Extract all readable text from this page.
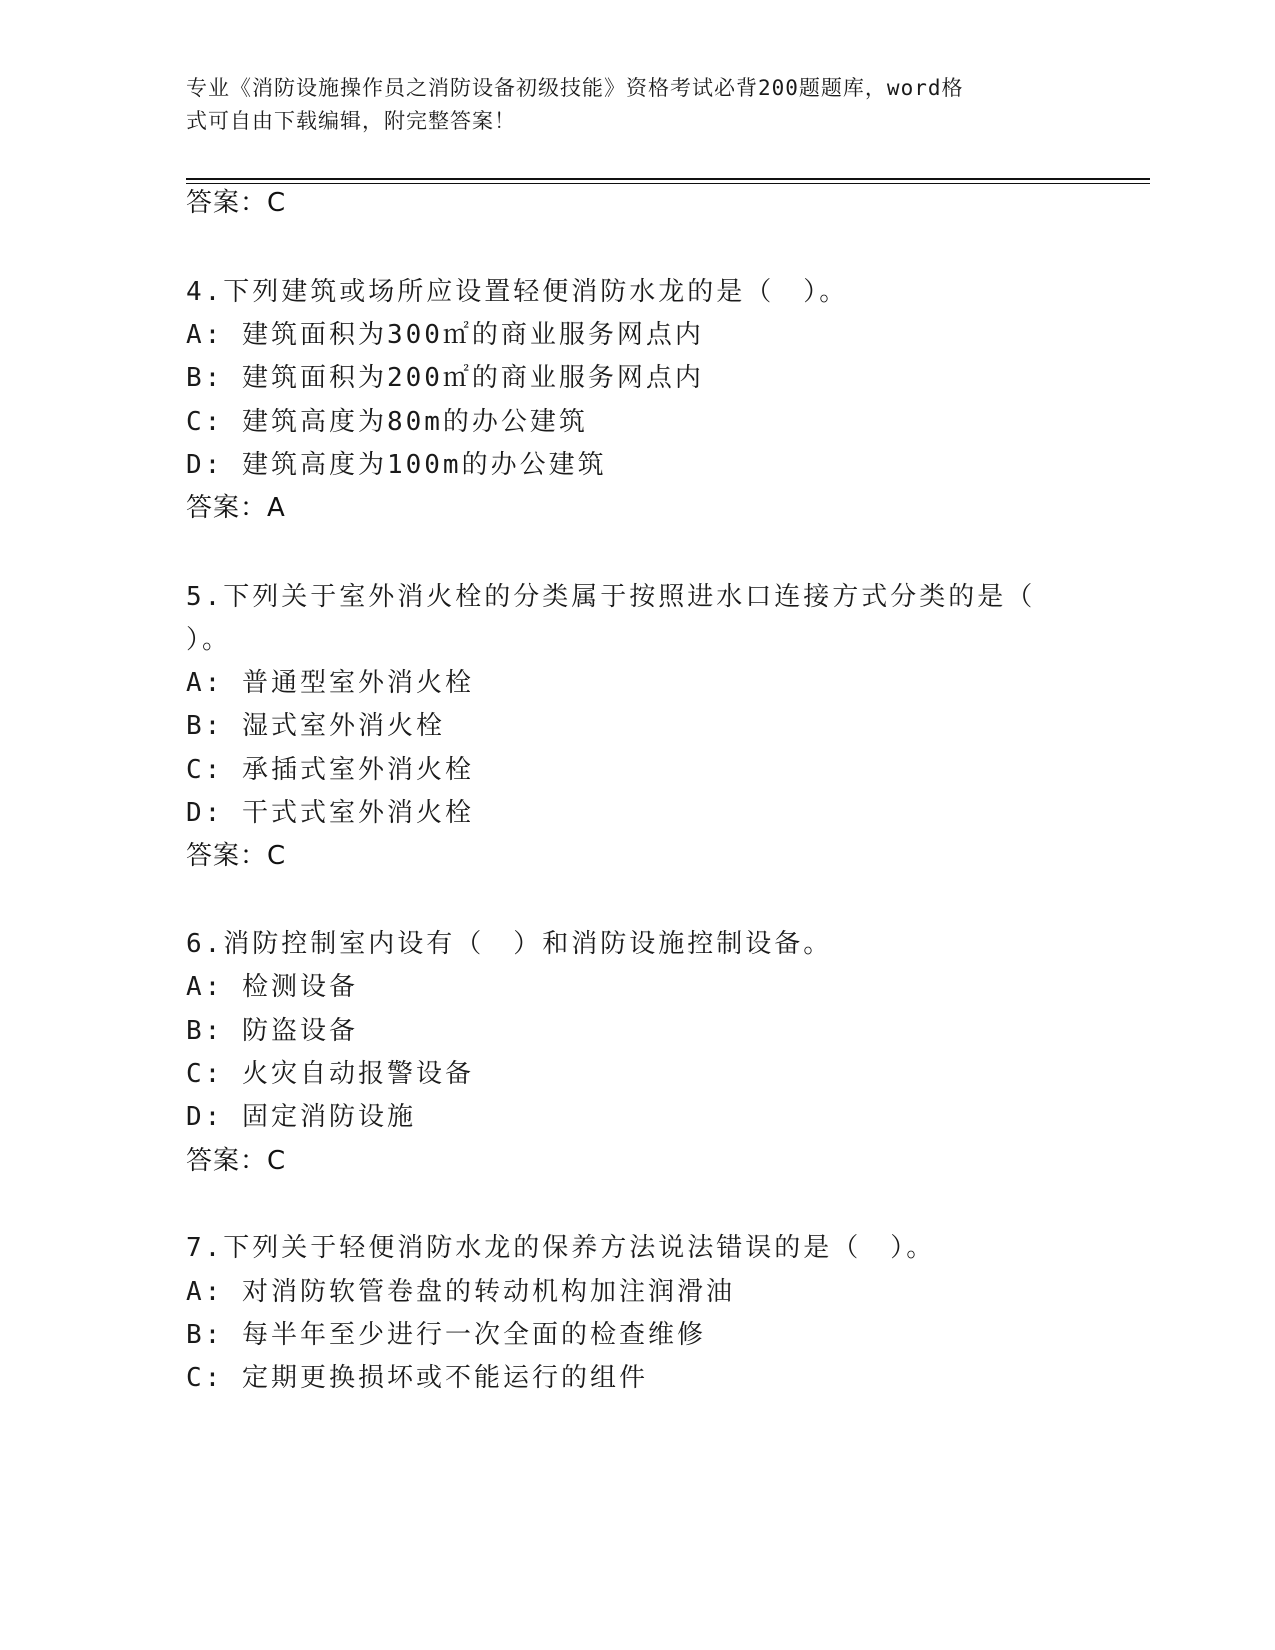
专业《消防设施操作员之消防设备初级技能》资格考试必背200题题库，word格
式可自由下载编辑，附完整答案！
答案：C
4.下列建筑或场所应设置轻便消防水龙的是（　）。
A: 建筑面积为300㎡的商业服务网点内
B: 建筑面积为200㎡的商业服务网点内
C: 建筑高度为80m的办公建筑
D: 建筑高度为100m的办公建筑
答案：A
5.下列关于室外消火栓的分类属于按照进水口连接方式分类的是（
）。
A: 普通型室外消火栓
B: 湿式室外消火栓
C: 承插式室外消火栓
D: 干式式室外消火栓
答案：C
6.消防控制室内设有（　）和消防设施控制设备。
A: 检测设备
B: 防盗设备
C: 火灾自动报警设备
D: 固定消防设施
答案：C
7.下列关于轻便消防水龙的保养方法说法错误的是（　）。
A: 对消防软管卷盘的转动机构加注润滑油
B: 每半年至少进行一次全面的检查维修
C: 定期更换损坏或不能运行的组件
